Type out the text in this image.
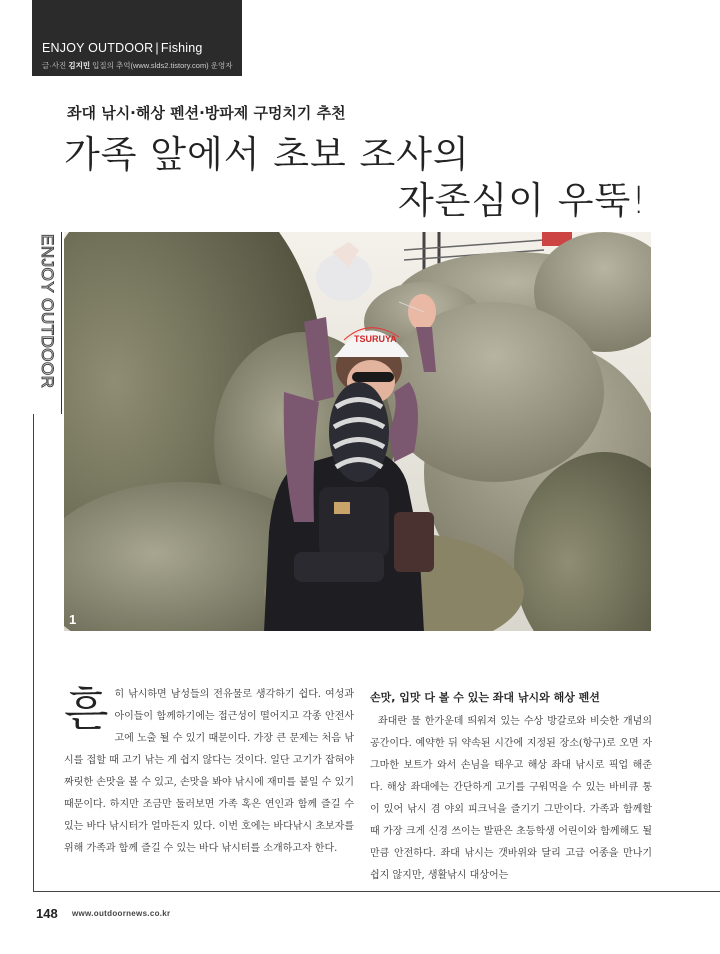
ENJOY OUTDOOR | Fishing
글·사진 김지민 입질의 추억(www.slds2.tistory.com) 운영자
좌대 낚시·해상 펜션·방파제 구멍치기 추천
가족 앞에서 초보 조사의
자존심이 우뚝!
ENJOY OUTDOOR	TSURUYA
1
흔 히 낚시하면 남성들의 전유물로 생각하기 쉽다. 여성과 아이들이 함께하기에는 접근성이 떨어지고 각종 안전사고에 노출 될 수 있기 때문이다. 가장 큰 문제는 처음 낚시를 접할 때 고기 낚는 게 쉽지 않다는 것이다. 일단 고기가 잡혀야 짜릿한 손맛을 볼 수 있고, 손맛을 봐야 낚시에 재미를 붙일 수 있기 때문이다. 하지만 조금만 둘러보면 가족 혹은 연인과 함께 즐길 수 있는 바다 낚시터가 얼마든지 있다. 이번 호에는 바다낚시 초보자를 위해 가족과 함께 즐길 수 있는 바다 낚시터를 소개하고자 한다.
손맛, 입맛 다 볼 수 있는 좌대 낚시와 해상 펜션

좌대란 물 한가운데 띄워져 있는 수상 방갈로와 비슷한 개념의 공간이다. 예약한 뒤 약속된 시간에 지정된 장소(항구)로 오면 자그마한 보트가 와서 손님을 태우고 해상 좌대 낚시로 픽업 해준다. 해상 좌대에는 간단하게 고기를 구워먹을 수 있는 바비큐 통이 있어 낚시 겸 야외 피크닉을 즐기기 그만이다. 가족과 함께할 때 가장 크게 신경 쓰이는 발판은 초등학생 어린이와 함께해도 될 만큼 안전하다. 좌대 낚시는 갯바위와 달리 고급 어종을 만나기 쉽지 않지만, 생활낚시 대상어는

148 www.outdoornews.co.kr
